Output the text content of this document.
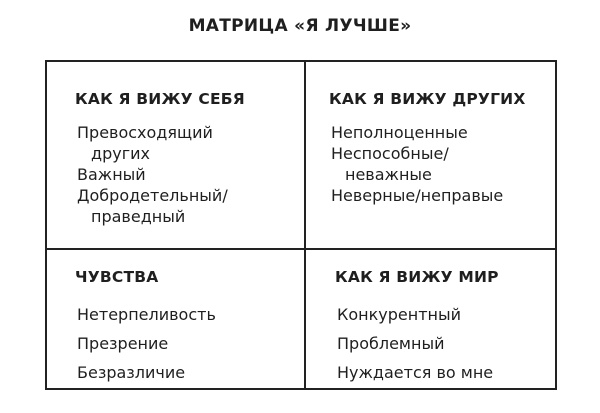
МАТРИЦА «Я ЛУЧШЕ»
КАК Я ВИЖУ СЕБЯ
Превосходящий
других
Важный
Добродетельный/
праведный
КАК Я ВИЖУ ДРУГИХ
Неполноценные
Неспособные/
неважные
Неверные/неправые
ЧУВСТВА
Нетерпеливость
Презрение
Безразличие
КАК Я ВИЖУ МИР
Конкурентный
Проблемный
Нуждается во мне
